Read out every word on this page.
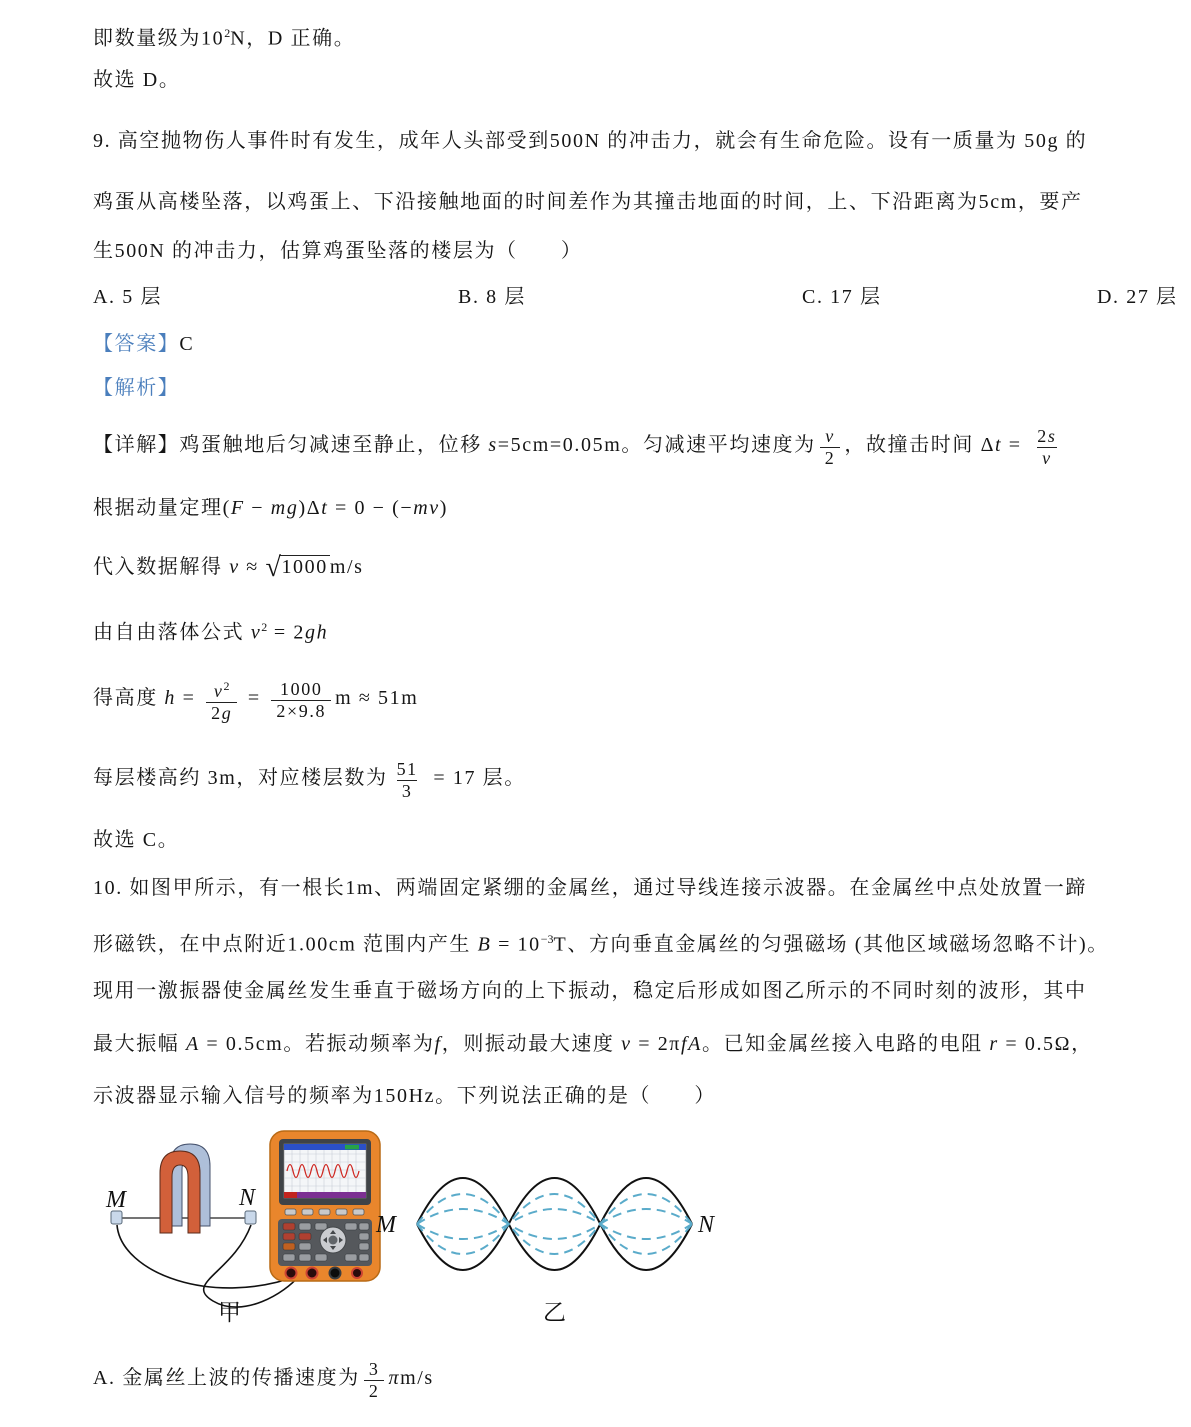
即数量级为$10^2N$，D 正确。
故选 D。
9. 高空抛物伤人事件时有发生，成年人头部受到500N 的冲击力，就会有生命危险。设有一质量为 50g 的
鸡蛋从高楼坠落，以鸡蛋上、下沿接触地面的时间差作为其撞击地面的时间，上、下沿距离为5cm，要产
生500N 的冲击力，估算鸡蛋坠落的楼层为（　　）
A. 5 层	B. 8 层	C. 17 层	D. 27 层
【答案】C
【解析】
【详解】鸡蛋触地后匀减速至静止，位移 s=5cm=0.05m。匀减速平均速度为 $\frac{v}{2}$ ，故撞击时间 $\Delta t = \frac{2s}{v}$
根据动量定理(F − mg)Δt = 0 − (−mv)
代入数据解得 v ≈ √1000 m/s
由自由落体公式 $v^2 = 2gh$
得高度 $h = \frac{v^2}{2g} = \frac{1000}{2\times 9.8}$ m ≈ 51m
每层楼高约 3m，对应楼层数为 $\frac{51}{3} = 17$ 层。
故选 C。
10. 如图甲所示，有一根长1m、两端固定紧绷的金属丝，通过导线连接示波器。在金属丝中点处放置一蹄
形磁铁，在中点附近1.00cm 范围内产生 $B = 10^{-3}T$、方向垂直金属丝的匀强磁场 (其他区域磁场忽略不计)。
现用一激振器使金属丝发生垂直于磁场方向的上下振动，稳定后形成如图乙所示的不同时刻的波形，其中
最大振幅 A = 0.5cm。若振动频率为f，则振动最大速度 v = 2πfA。已知金属丝接入电路的电阻 r = 0.5Ω，
示波器显示输入信号的频率为150Hz。下列说法正确的是（　　）
M	N
M	N
甲	乙
A. 金属丝上波的传播速度为 $\frac{3}{2} \pi m/s$
